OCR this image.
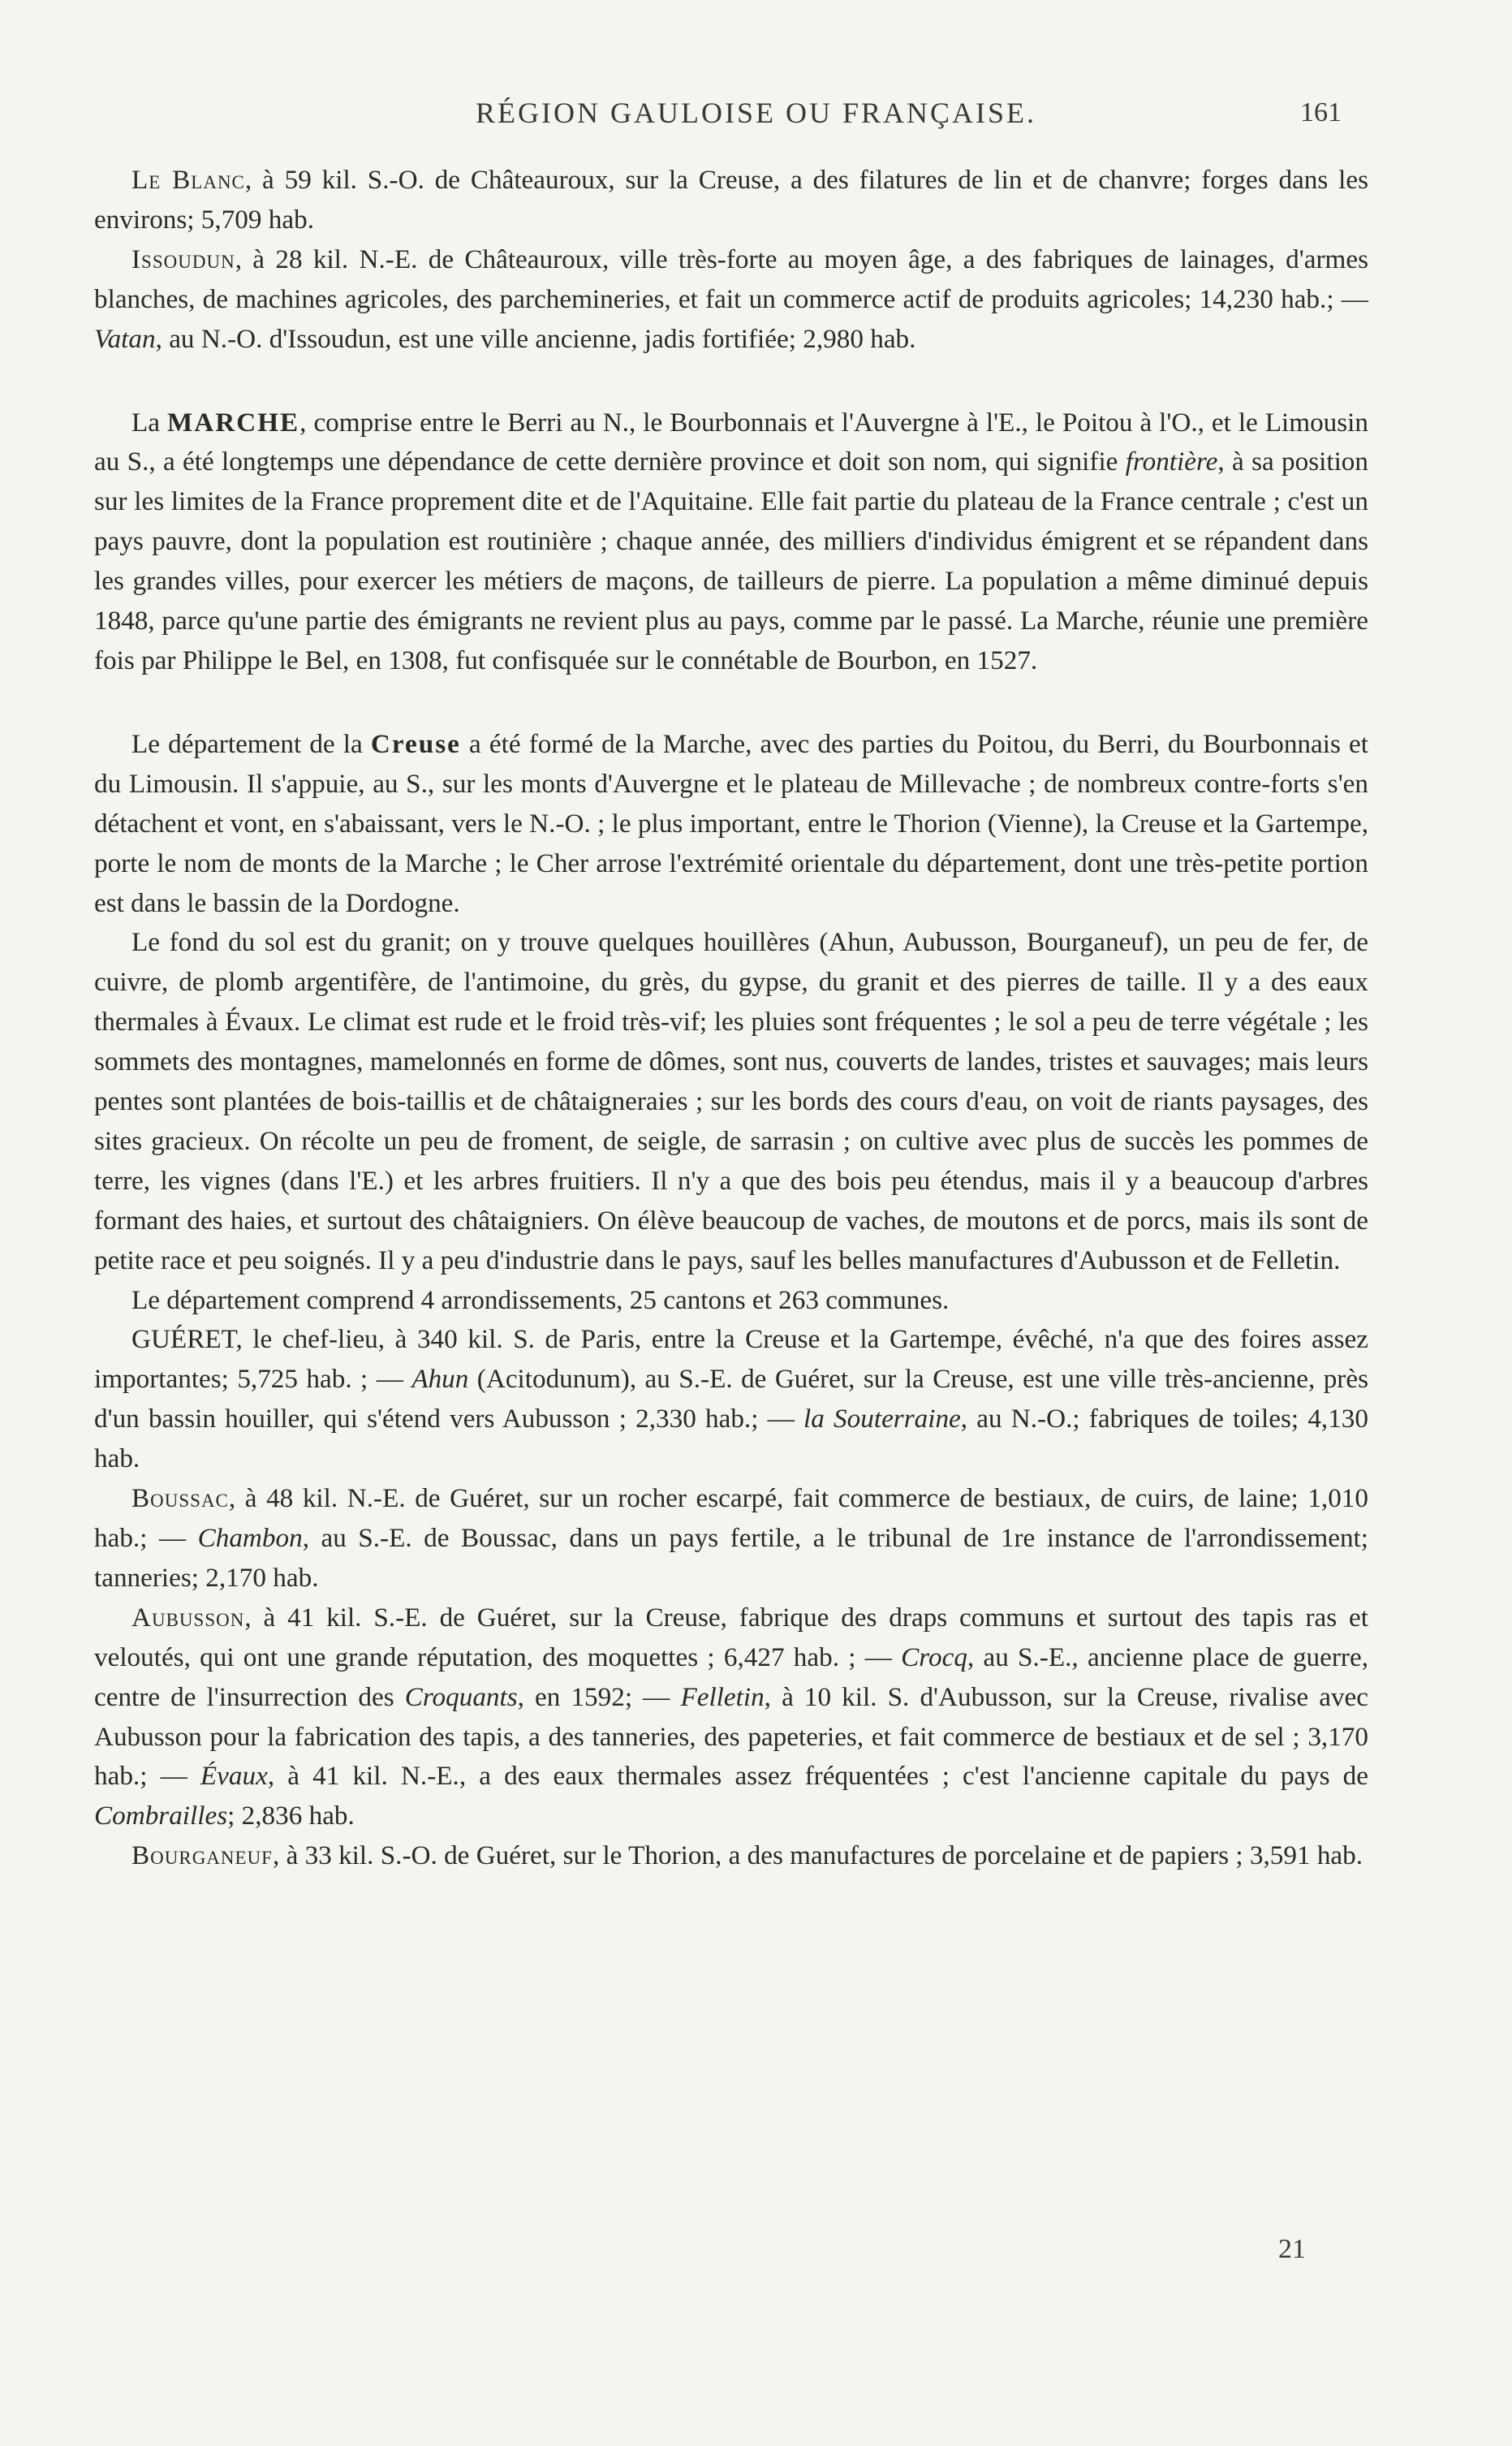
RÉGION GAULOISE OU FRANÇAISE.	161

Le Blanc, à 59 kil. S.-O. de Châteauroux, sur la Creuse, a des filatures de lin et de chanvre; forges dans les environs; 5,709 hab.

Issoudun, à 28 kil. N.-E. de Châteauroux, ville très-forte au moyen âge, a des fabriques de lainages, d'armes blanches, de machines agricoles, des parchemineries, et fait un commerce actif de produits agricoles; 14,230 hab.; — Vatan, au N.-O. d'Issoudun, est une ville ancienne, jadis fortifiée; 2,980 hab.

La MARCHE, comprise entre le Berri au N., le Bourbonnais et l'Auvergne à l'E., le Poitou à l'O., et le Limousin au S., a été longtemps une dépendance de cette dernière province et doit son nom, qui signifie frontière, à sa position sur les limites de la France proprement dite et de l'Aquitaine. Elle fait partie du plateau de la France centrale ; c'est un pays pauvre, dont la population est routinière ; chaque année, des milliers d'individus émigrent et se répandent dans les grandes villes, pour exercer les métiers de maçons, de tailleurs de pierre. La population a même diminué depuis 1848, parce qu'une partie des émigrants ne revient plus au pays, comme par le passé. La Marche, réunie une première fois par Philippe le Bel, en 1308, fut confisquée sur le connétable de Bourbon, en 1527.

Le département de la Creuse a été formé de la Marche, avec des parties du Poitou, du Berri, du Bourbonnais et du Limousin. Il s'appuie, au S., sur les monts d'Auvergne et le plateau de Millevache ; de nombreux contre-forts s'en détachent et vont, en s'abaissant, vers le N.-O. ; le plus important, entre le Thorion (Vienne), la Creuse et la Gartempe, porte le nom de monts de la Marche ; le Cher arrose l'extrémité orientale du département, dont une très-petite portion est dans le bassin de la Dordogne.

Le fond du sol est du granit; on y trouve quelques houillères (Ahun, Aubusson, Bourganeuf), un peu de fer, de cuivre, de plomb argentifère, de l'antimoine, du grès, du gypse, du granit et des pierres de taille. Il y a des eaux thermales à Évaux. Le climat est rude et le froid très-vif; les pluies sont fréquentes ; le sol a peu de terre végétale ; les sommets des montagnes, mamelonnés en forme de dômes, sont nus, couverts de landes, tristes et sauvages; mais leurs pentes sont plantées de bois-taillis et de châtaigneraies ; sur les bords des cours d'eau, on voit de riants paysages, des sites gracieux. On récolte un peu de froment, de seigle, de sarrasin ; on cultive avec plus de succès les pommes de terre, les vignes (dans l'E.) et les arbres fruitiers. Il n'y a que des bois peu étendus, mais il y a beaucoup d'arbres formant des haies, et surtout des châtaigniers. On élève beaucoup de vaches, de moutons et de porcs, mais ils sont de petite race et peu soignés. Il y a peu d'industrie dans le pays, sauf les belles manufactures d'Aubusson et de Felletin.

Le département comprend 4 arrondissements, 25 cantons et 263 communes.

GUÉRET, le chef-lieu, à 340 kil. S. de Paris, entre la Creuse et la Gartempe, évêché, n'a que des foires assez importantes; 5,725 hab. ; — Ahun (Acitodunum), au S.-E. de Guéret, sur la Creuse, est une ville très-ancienne, près d'un bassin houiller, qui s'étend vers Aubusson ; 2,330 hab.; — la Souterraine, au N.-O.; fabriques de toiles; 4,130 hab.

Boussac, à 48 kil. N.-E. de Guéret, sur un rocher escarpé, fait commerce de bestiaux, de cuirs, de laine; 1,010 hab.; — Chambon, au S.-E. de Boussac, dans un pays fertile, a le tribunal de 1re instance de l'arrondissement; tanneries; 2,170 hab.

Aubusson, à 41 kil. S.-E. de Guéret, sur la Creuse, fabrique des draps communs et surtout des tapis ras et veloutés, qui ont une grande réputation, des moquettes ; 6,427 hab. ; — Crocq, au S.-E., ancienne place de guerre, centre de l'insurrection des Croquants, en 1592; — Felletin, à 10 kil. S. d'Aubusson, sur la Creuse, rivalise avec Aubusson pour la fabrication des tapis, a des tanneries, des papeteries, et fait commerce de bestiaux et de sel ; 3,170 hab.; — Évaux, à 41 kil. N.-E., a des eaux thermales assez fréquentées ; c'est l'ancienne capitale du pays de Combrailles; 2,836 hab.

Bourganeuf, à 33 kil. S.-O. de Guéret, sur le Thorion, a des manufactures de porcelaine et de papiers ; 3,591 hab.

21
